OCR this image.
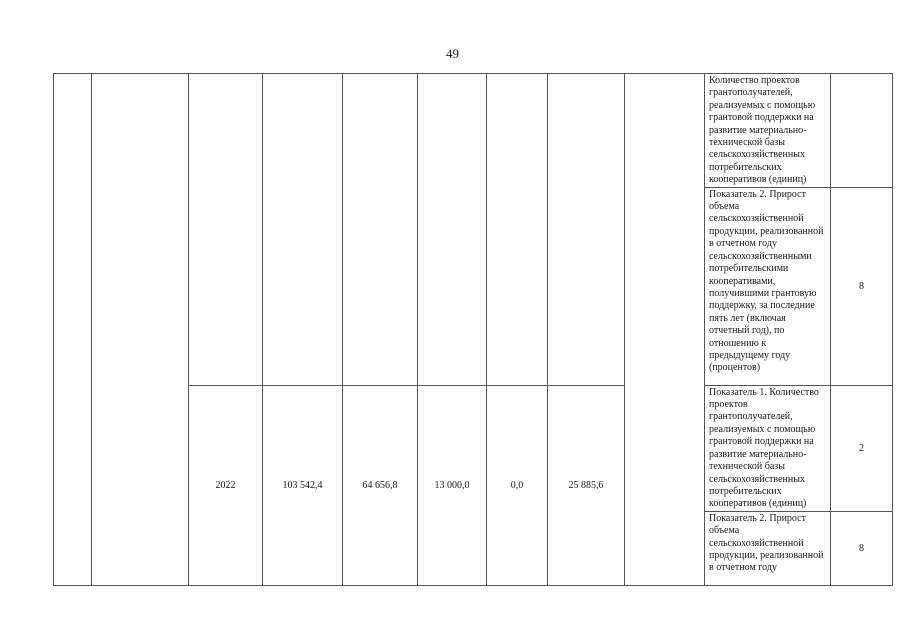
49
									Количество проектов грантополучателей, реализуемых с помощью грантовой поддержки на развитие материально-технической базы сельскохозяйственных потребительских кооперативов (единиц)	
									Показатель 2. Прирост объема сельскохозяйственной продукции, реализованной в отчетном году сельскохозяйственными потребительскими кооперативами, получившими грантовую поддержку, за последние пять лет (включая отчетный год), по отношению к предыдущему году (процентов)	8
		2022	103 542,4	64 656,8	13 000,0	0,0	25 885,6		Показатель 1. Количество проектов грантополучателей, реализуемых с помощью грантовой поддержки на развитие материально-технической базы сельскохозяйственных потребительских кооперативов (единиц)	2
									Показатель 2. Прирост объема сельскохозяйственной продукции, реализованной в отчетном году	8
